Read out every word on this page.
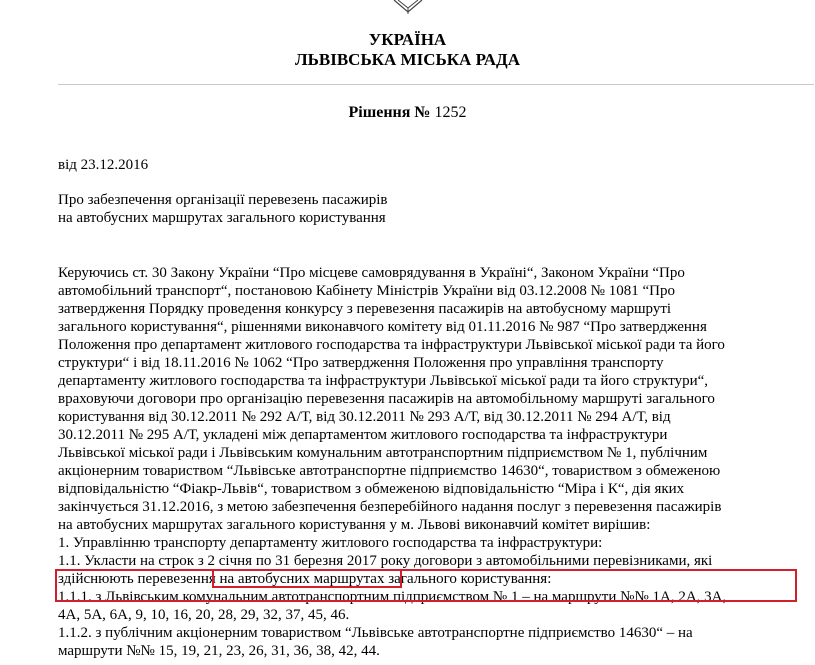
УКРАЇНА
ЛЬВІВСЬКА МІСЬКА РАДА
Рішення № 1252
від 23.12.2016
Про забезпечення організації перевезень пасажирів
на автобусних маршрутах загального користування
Керуючись ст. 30 Закону України “Про місцеве самоврядування в Україні“, Законом України “Про
автомобільний транспорт“, постановою Кабінету Міністрів України від 03.12.2008 № 1081 “Про
затвердження Порядку проведення конкурсу з перевезення пасажирів на автобусному маршруті
загального користування“, рішеннями виконавчого комітету від 01.11.2016 № 987 “Про затвердження
Положення про департамент житлового господарства та інфраструктури Львівської міської ради та його
структури“ і від 18.11.2016 № 1062 “Про затвердження Положення про управління транспорту
департаменту житлового господарства та інфраструктури Львівської міської ради та його структури“,
враховуючи договори про організацію перевезення пасажирів на автомобільному маршруті загального
користування від 30.12.2011 № 292 А/Т, від 30.12.2011 № 293 А/Т, від 30.12.2011 № 294 А/Т, від
30.12.2011 № 295 А/Т, укладені між департаментом житлового господарства та інфраструктури
Львівської міської ради і Львівським комунальним автотранспортним підприємством № 1, публічним
акціонерним товариством “Львівське автотранспортне підприємство 14630“, товариством з обмеженою
відповідальністю “Фіакр-Львів“, товариством з обмеженою відповідальністю “Міра і К“, дія яких
закінчується 31.12.2016, з метою забезпечення безперебійного надання послуг з перевезення пасажирів
на автобусних маршрутах загального користування у м. Львові виконавчий комітет вирішив:
1. Управлінню транспорту департаменту житлового господарства та інфраструктури:
1.1. Укласти на строк з 2 січня по 31 березня 2017 року договори з автомобільними перевізниками, які
здійснюють перевезення на автобусних маршрутах загального користування:
1.1.1. з Львівським комунальним автотранспортним підприємством № 1 – на маршрути №№ 1А, 2А, 3А,
4А, 5А, 6А, 9, 10, 16, 20, 28, 29, 32, 37, 45, 46.
1.1.2. з публічним акціонерним товариством “Львівське автотранспортне підприємство 14630“ – на
маршрути №№ 15, 19, 21, 23, 26, 31, 36, 38, 42, 44.
